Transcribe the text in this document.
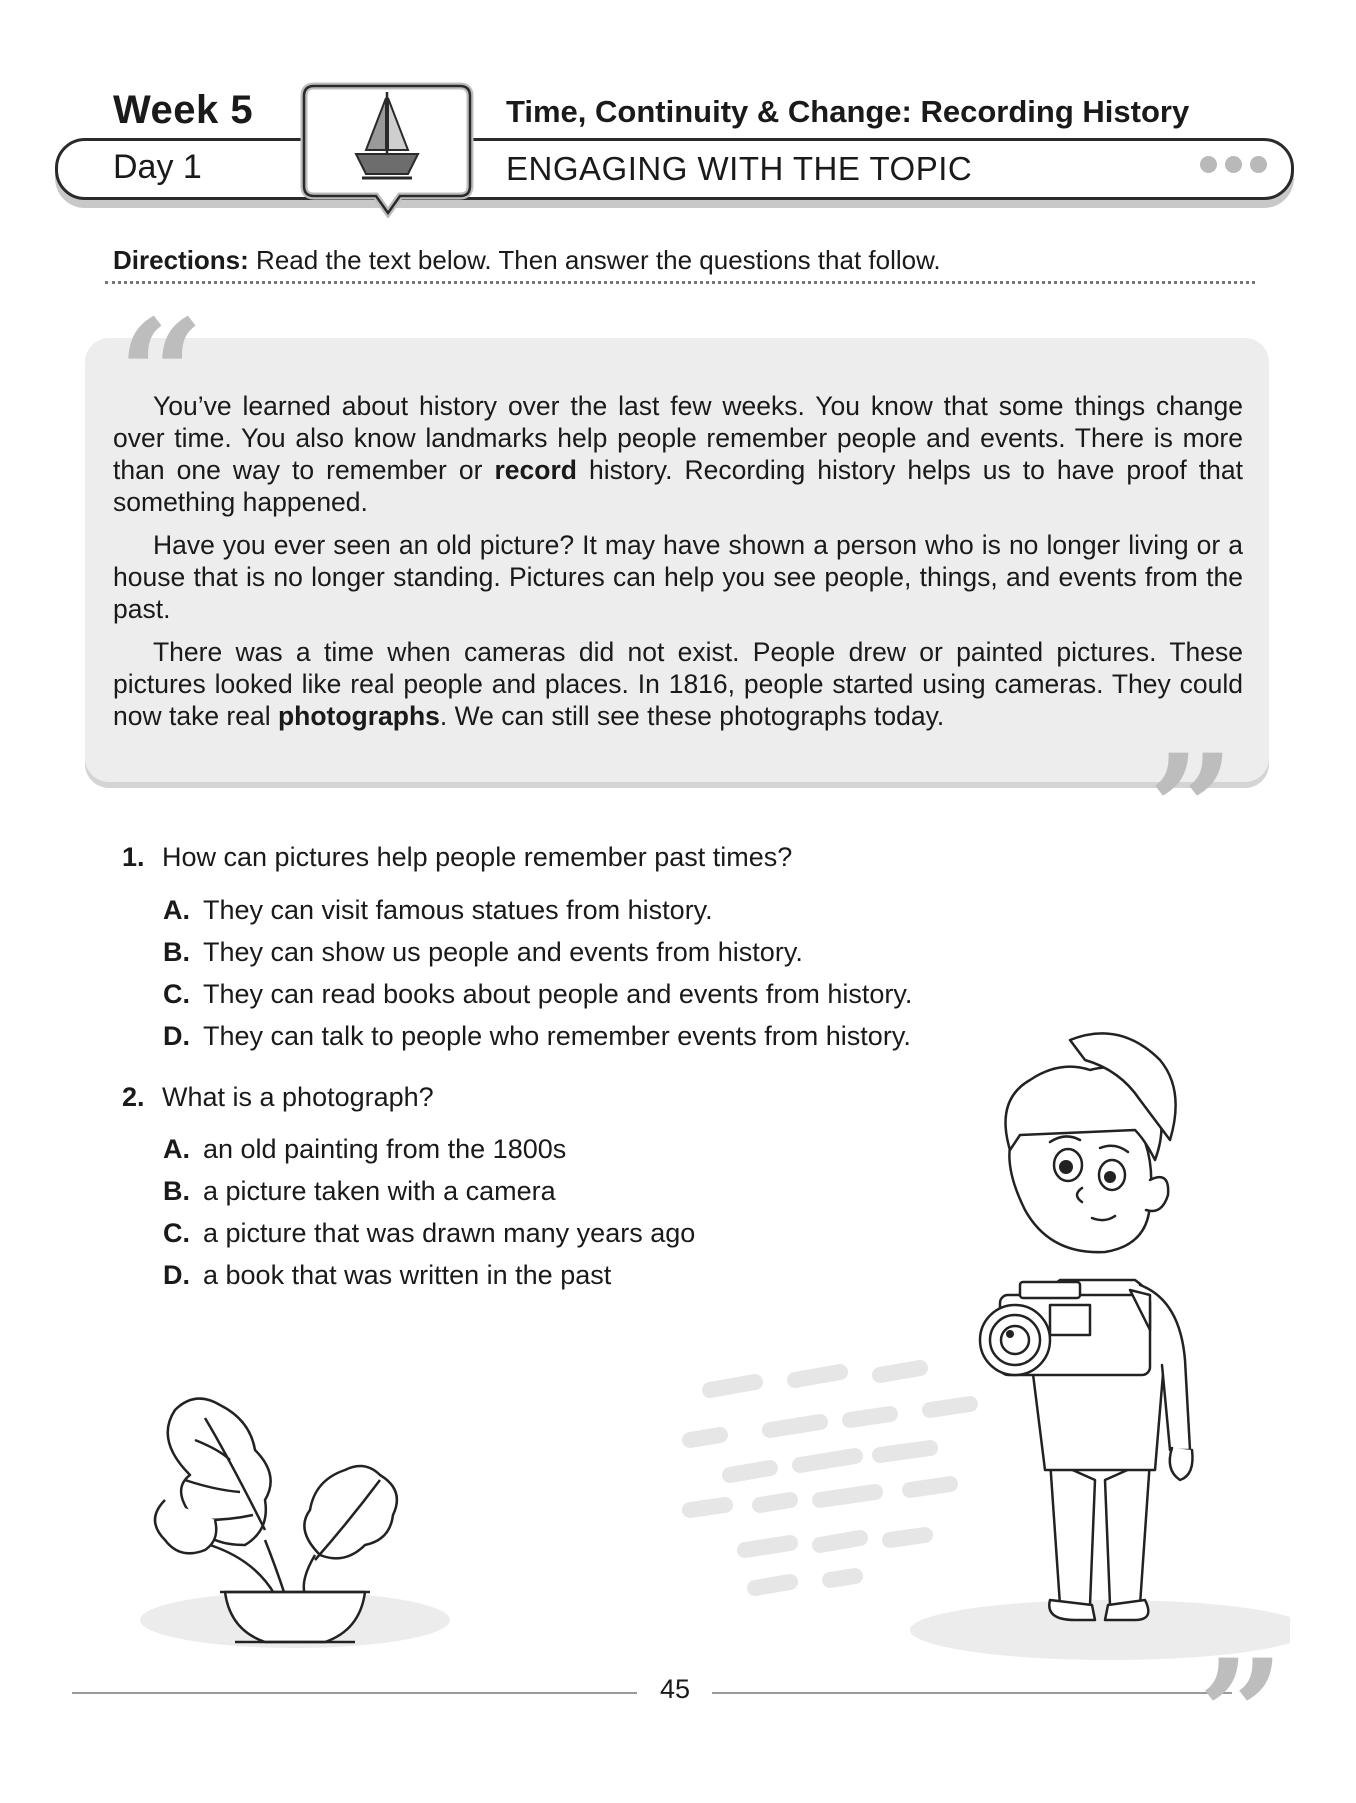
Week 5	Time, Continuity & Change: Recording History
Day 1	ENGAGING WITH THE TOPIC
Directions: Read the text below. Then answer the questions that follow.
“

You’ve learned about history over the last few weeks. You know that some things change over time. You also know landmarks help people remember people and events. There is more than one way to remember or record history. Recording history helps us to have proof that something happened.

Have you ever seen an old picture? It may have shown a person who is no longer living or a house that is no longer standing. Pictures can help you see people, things, and events from the past.

There was a time when cameras did not exist. People drew or painted pictures. These pictures looked like real people and places. In 1816, people started using cameras. They could now take real photographs. We can still see these photographs today.

”
1. How can pictures help people remember past times?
A. They can visit famous statues from history.
B. They can show us people and events from history.
C. They can read books about people and events from history.
D. They can talk to people who remember events from history.
2. What is a photograph?
A. an old painting from the 1800s
B. a picture taken with a camera
C. a picture that was drawn many years ago
D. a book that was written in the past
45	”
